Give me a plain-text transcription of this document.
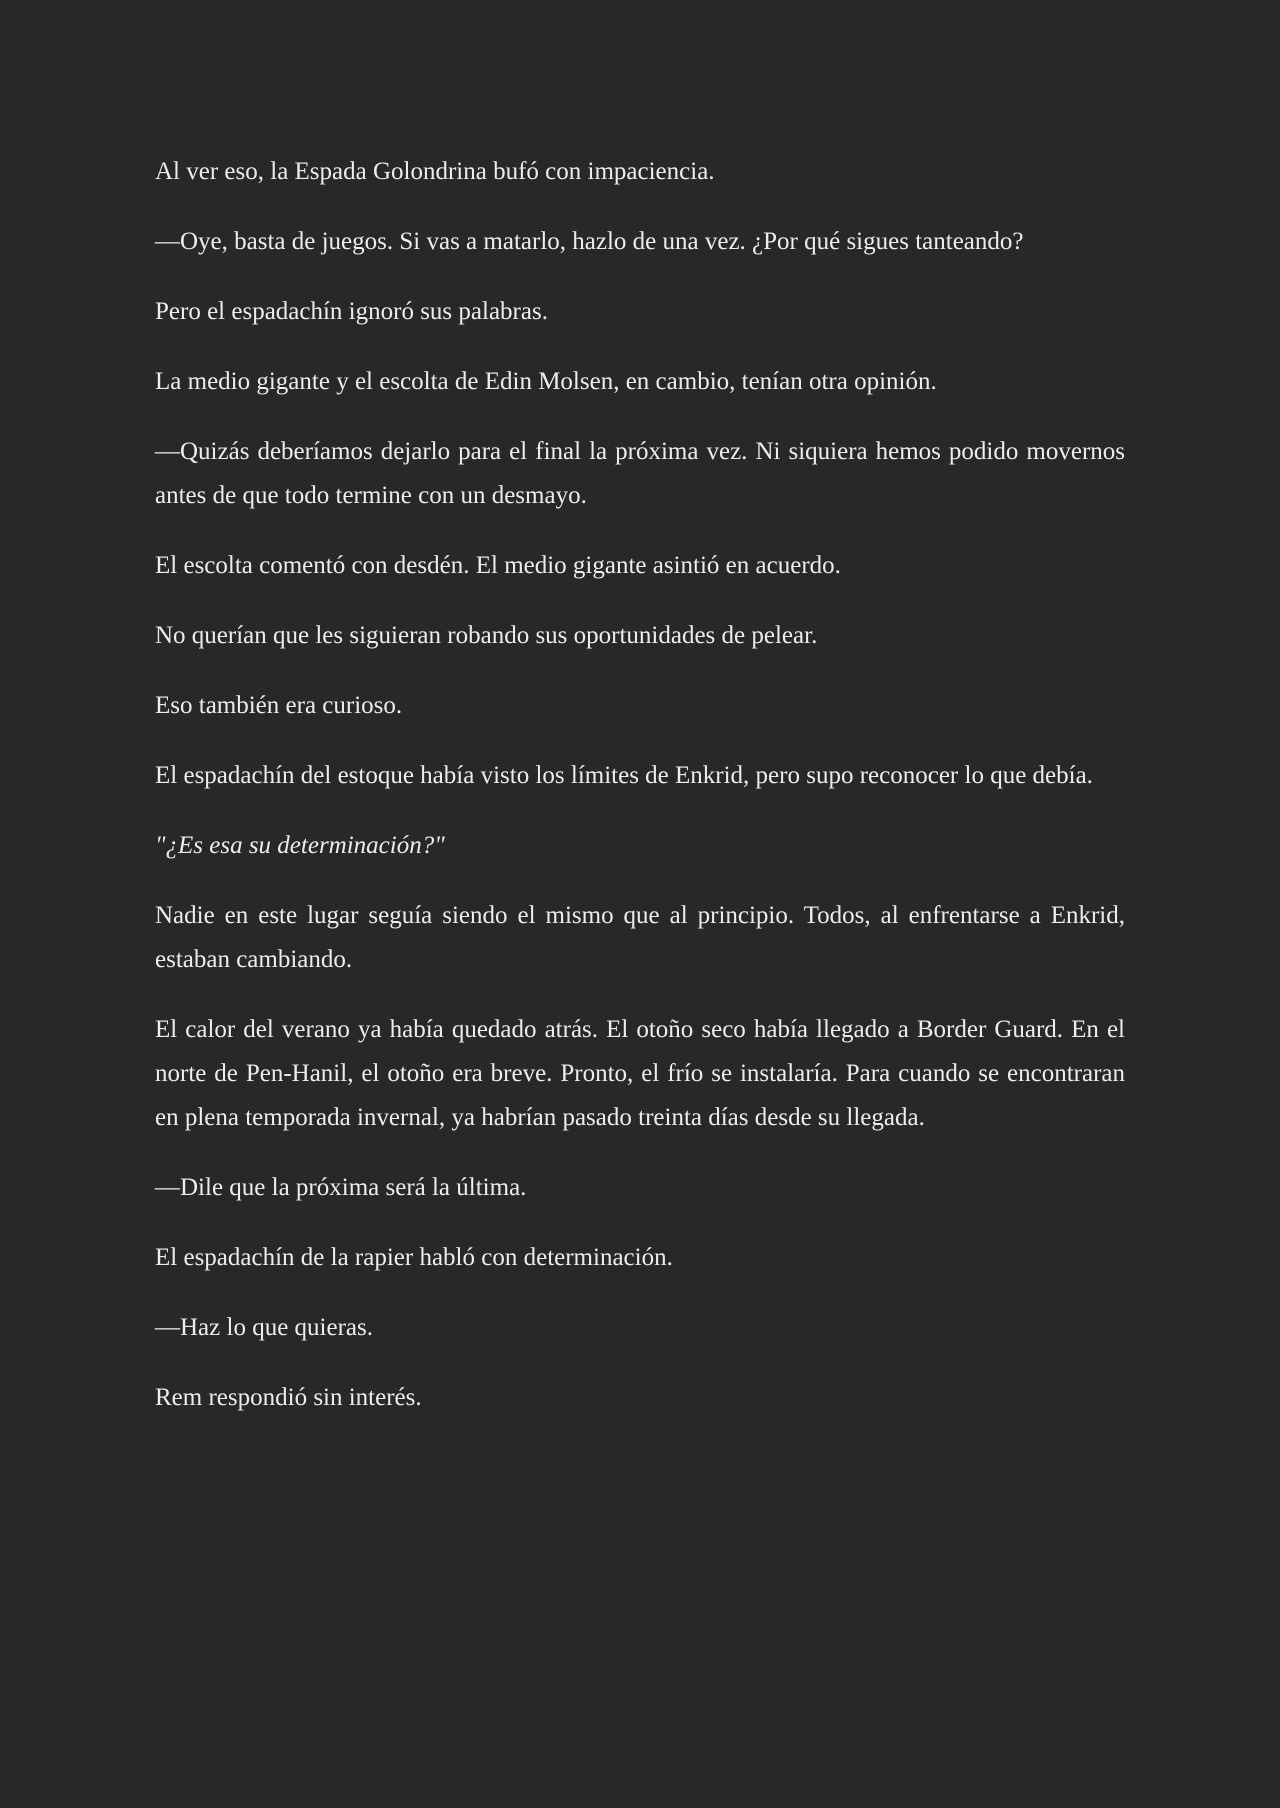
Al ver eso, la Espada Golondrina bufó con impaciencia.

—Oye, basta de juegos. Si vas a matarlo, hazlo de una vez. ¿Por qué sigues tanteando?

Pero el espadachín ignoró sus palabras.

La medio gigante y el escolta de Edin Molsen, en cambio, tenían otra opinión.

—Quizás deberíamos dejarlo para el final la próxima vez. Ni siquiera hemos podido movernos antes de que todo termine con un desmayo.

El escolta comentó con desdén. El medio gigante asintió en acuerdo.

No querían que les siguieran robando sus oportunidades de pelear.

Eso también era curioso.

El espadachín del estoque había visto los límites de Enkrid, pero supo reconocer lo que debía.

"¿Es esa su determinación?"

Nadie en este lugar seguía siendo el mismo que al principio. Todos, al enfrentarse a Enkrid, estaban cambiando.

El calor del verano ya había quedado atrás. El otoño seco había llegado a Border Guard. En el norte de Pen-Hanil, el otoño era breve. Pronto, el frío se instalaría. Para cuando se encontraran en plena temporada invernal, ya habrían pasado treinta días desde su llegada.

—Dile que la próxima será la última.

El espadachín de la rapier habló con determinación.

—Haz lo que quieras.

Rem respondió sin interés.
